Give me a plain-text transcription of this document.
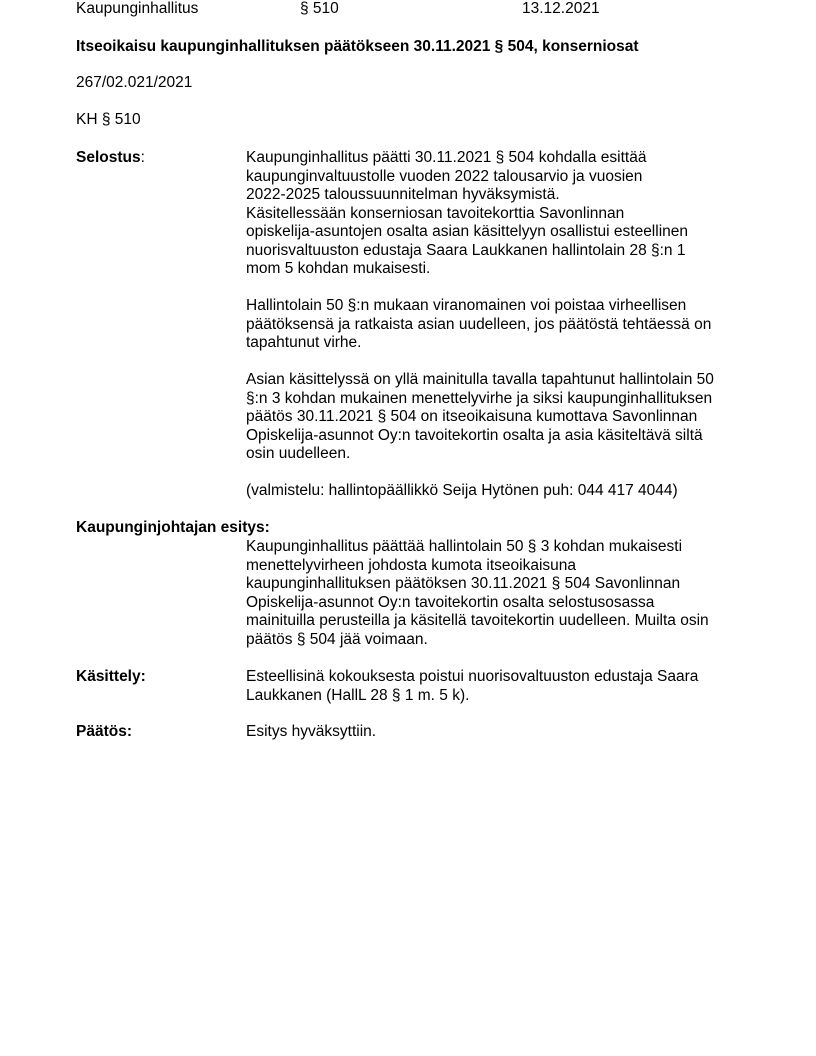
Kaupunginhallitus	§ 510	13.12.2021
Itseoikaisu kaupunginhallituksen päätökseen 30.11.2021 § 504, konserniosat
267/02.021/2021
KH § 510
Selostus:	Kaupunginhallitus päätti 30.11.2021 § 504 kohdalla esittää
kaupunginvaltuustolle vuoden 2022 talousarvio ja vuosien
2022-2025 taloussuunnitelman hyväksymistä.
Käsitellessään konserniosan tavoitekorttia Savonlinnan
opiskelija-asuntojen osalta asian käsittelyyn osallistui esteellinen
nuorisvaltuuston edustaja Saara Laukkanen hallintolain 28 §:n 1
mom 5 kohdan mukaisesti.
Hallintolain 50 §:n mukaan viranomainen voi poistaa virheellisen
päätöksensä ja ratkaista asian uudelleen, jos päätöstä tehtäessä on
tapahtunut virhe.
Asian käsittelyssä on yllä mainitulla tavalla tapahtunut hallintolain 50
§:n 3 kohdan mukainen menettelyvirhe ja siksi kaupunginhallituksen
päätös 30.11.2021 § 504 on itseoikaisuna kumottava Savonlinnan
Opiskelija-asunnot Oy:n tavoitekortin osalta ja asia käsiteltävä siltä
osin uudelleen.
(valmistelu: hallintopäällikkö Seija Hytönen puh: 044 417 4044)
Kaupunginjohtajan esitys:
Kaupunginhallitus päättää hallintolain 50 § 3 kohdan mukaisesti
menettelyvirheen johdosta kumota itseoikaisuna
kaupunginhallituksen päätöksen 30.11.2021 § 504 Savonlinnan
Opiskelija-asunnot Oy:n tavoitekortin osalta selostusosassa
mainituilla perusteilla ja käsitellä tavoitekortin uudelleen. Muilta osin
päätös § 504 jää voimaan.
Käsittely:	Esteellisinä kokouksesta poistui nuorisovaltuuston edustaja Saara
Laukkanen (HallL 28 § 1 m. 5 k).
Päätös:	Esitys hyväksyttiin.
